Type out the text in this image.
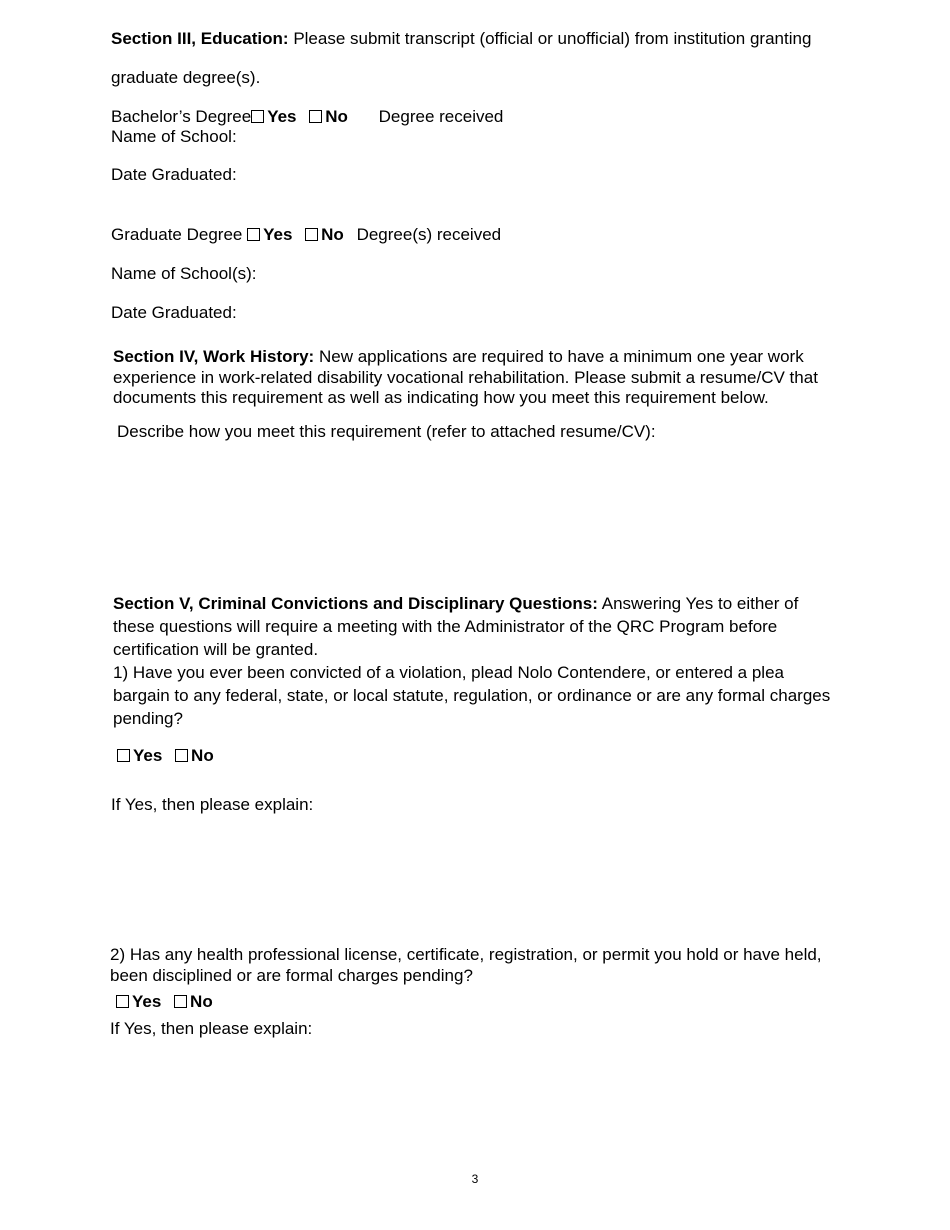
Section III, Education: Please submit transcript (official or unofficial) from institution granting
graduate degree(s).
Bachelor’s Degree Yes No Degree received
Name of School:
Date Graduated:
Graduate Degree Yes No Degree(s) received
Name of School(s):
Date Graduated:
Section IV, Work History: New applications are required to have a minimum one year work
experience in work-related disability vocational rehabilitation. Please submit a resume/CV that
documents this requirement as well as indicating how you meet this requirement below.
Describe how you meet this requirement (refer to attached resume/CV):
Section V, Criminal Convictions and Disciplinary Questions: Answering Yes to either of
these questions will require a meeting with the Administrator of the QRC Program before
certification will be granted.
1) Have you ever been convicted of a violation, plead Nolo Contendere, or entered a plea
bargain to any federal, state, or local statute, regulation, or ordinance or are any formal charges
pending?
Yes No
If Yes, then please explain:
2) Has any health professional license, certificate, registration, or permit you hold or have held,
been disciplined or are formal charges pending?
Yes No
If Yes, then please explain:
3
